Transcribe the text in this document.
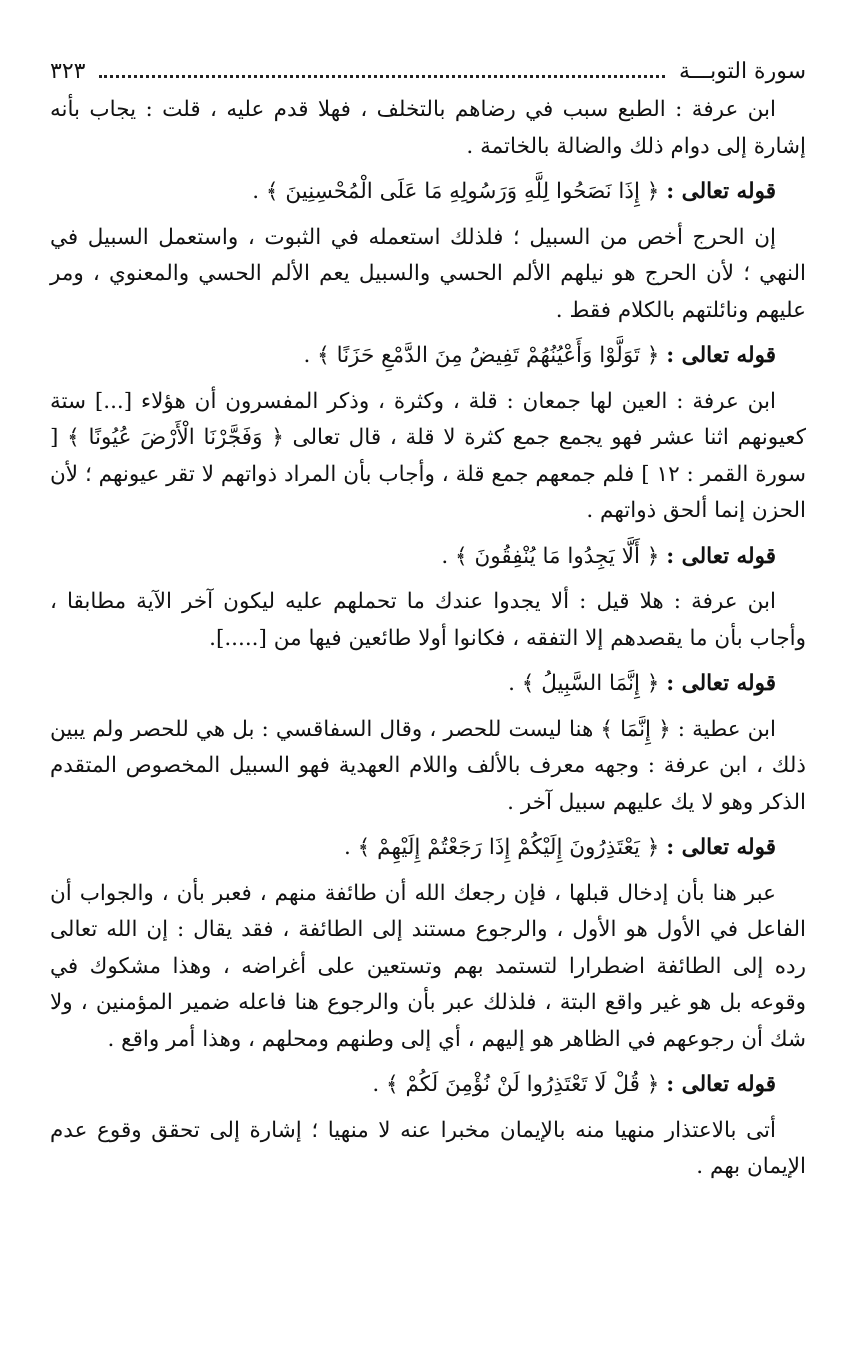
سورة التوبـــة
٣٢٣

ابن عرفة : الطبع سبب في رضاهم بالتخلف ، فهلا قدم عليه ، قلت : يجاب بأنه إشارة إلى دوام ذلك والضالة بالخاتمة .

قوله تعالى : ﴿ إِذَا نَصَحُوا لِلَّهِ وَرَسُولِهِ مَا عَلَى الْمُحْسِنِينَ ﴾ .

إن الحرج أخص من السبيل ؛ فلذلك استعمله في الثبوت ، واستعمل السبيل في النهي ؛ لأن الحرج هو نيلهم الألم الحسي والسبيل يعم الألم الحسي والمعنوي ، ومر عليهم ونائلتهم بالكلام فقط .

قوله تعالى : ﴿ تَوَلَّوْا وَأَعْيُنُهُمْ تَفِيضُ مِنَ الدَّمْعِ حَزَنًا ﴾ .

ابن عرفة : العين لها جمعان : قلة ، وكثرة ، وذكر المفسرون أن هؤلاء [...] ستة كعيونهم اثنا عشر فهو يجمع جمع كثرة لا قلة ، قال تعالى ﴿ وَفَجَّرْنَا الْأَرْضَ عُيُونًا ﴾ [ سورة القمر : ١٢ ] فلم جمعهم جمع قلة ، وأجاب بأن المراد ذواتهم لا تقر عيونهم ؛ لأن الحزن إنما ألحق ذواتهم .

قوله تعالى : ﴿ أَلَّا يَجِدُوا مَا يُنْفِقُونَ ﴾ .

ابن عرفة : هلا قيل : ألا يجدوا عندك ما تحملهم عليه ليكون آخر الآية مطابقا ، وأجاب بأن ما يقصدهم إلا التفقه ، فكانوا أولا طائعين فيها من [.....].

قوله تعالى : ﴿ إِنَّمَا السَّبِيلُ ﴾ .

ابن عطية : ﴿ إِنَّمَا ﴾ هنا ليست للحصر ، وقال السفاقسي : بل هي للحصر ولم يبين ذلك ، ابن عرفة : وجهه معرف بالألف واللام العهدية فهو السبيل المخصوص المتقدم الذكر وهو لا يك عليهم سبيل آخر .

قوله تعالى : ﴿ يَعْتَذِرُونَ إِلَيْكُمْ إِذَا رَجَعْتُمْ إِلَيْهِمْ ﴾ .

عبر هنا بأن إدخال قبلها ، فإن رجعك الله أن طائفة منهم ، فعبر بأن ، والجواب أن الفاعل في الأول هو الأول ، والرجوع مستند إلى الطائفة ، فقد يقال : إن الله تعالى رده إلى الطائفة اضطرارا لتستمد بهم وتستعين على أغراضه ، وهذا مشكوك في وقوعه بل هو غير واقع البتة ، فلذلك عبر بأن والرجوع هنا فاعله ضمير المؤمنين ، ولا شك أن رجوعهم في الظاهر هو إليهم ، أي إلى وطنهم ومحلهم ، وهذا أمر واقع .

قوله تعالى : ﴿ قُلْ لَا تَعْتَذِرُوا لَنْ نُؤْمِنَ لَكُمْ ﴾ .

أتى بالاعتذار منهيا منه بالإيمان مخبرا عنه لا منهيا ؛ إشارة إلى تحقق وقوع عدم الإيمان بهم .
